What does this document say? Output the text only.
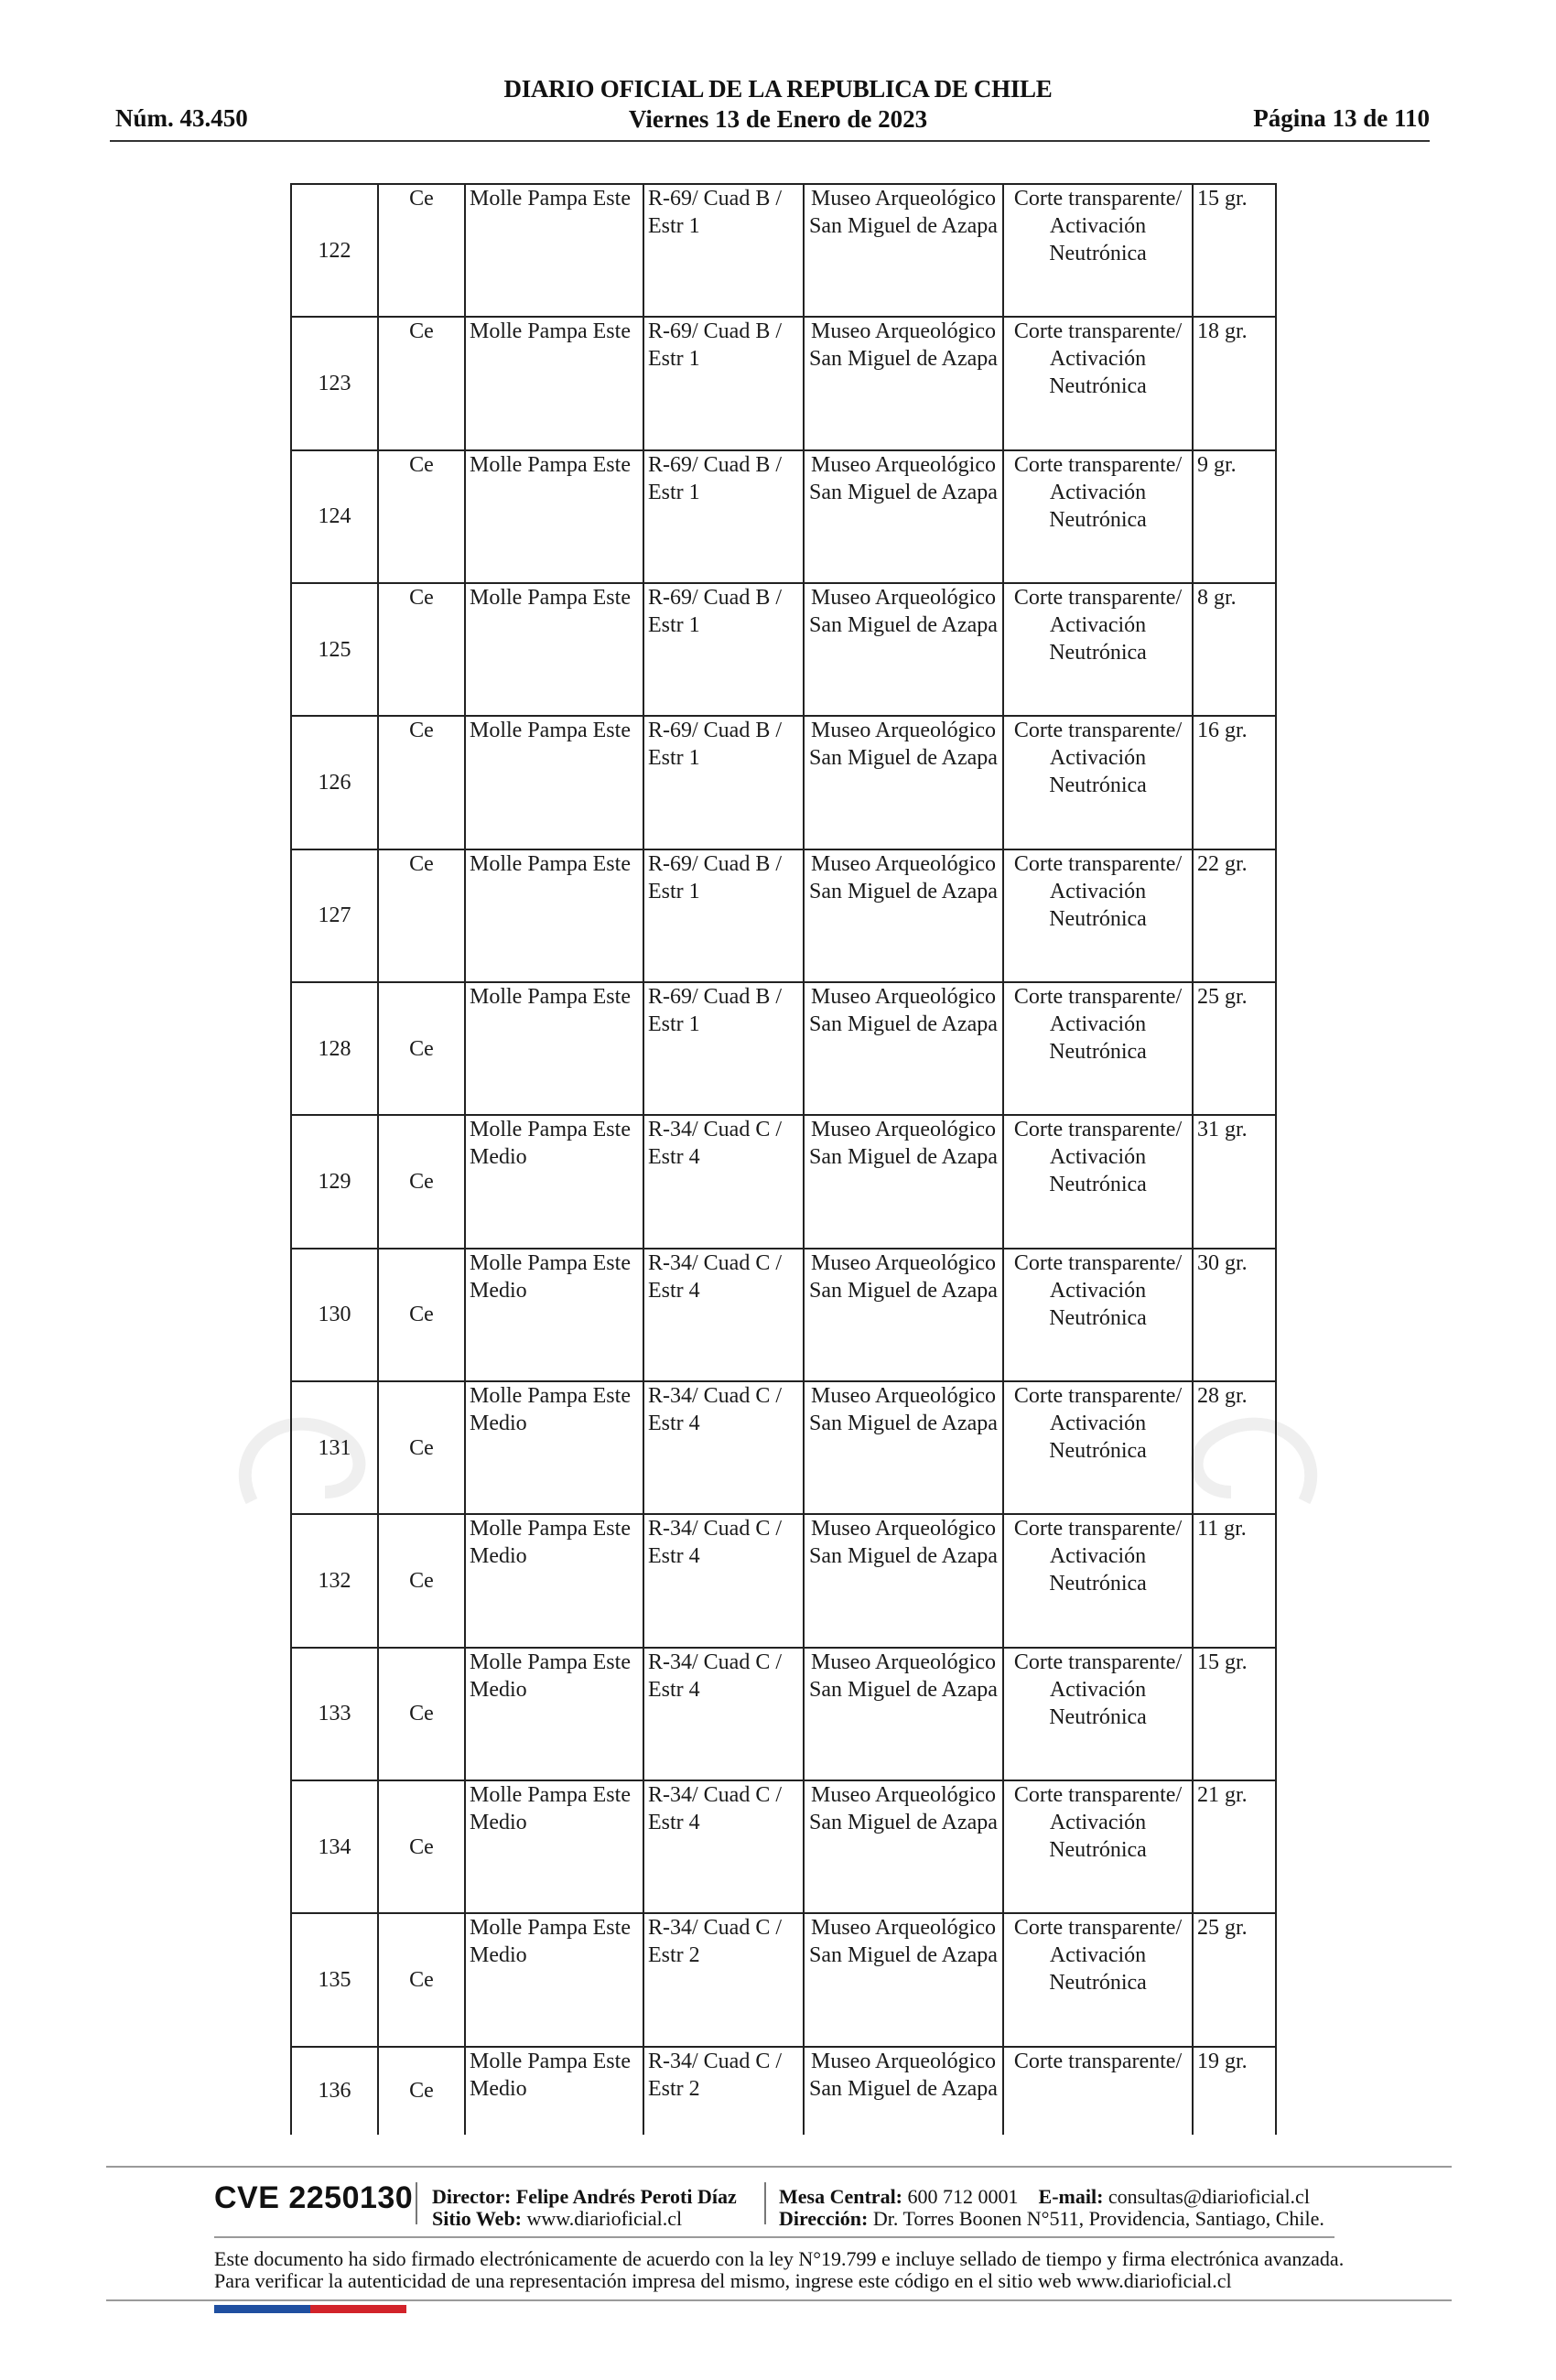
DIARIO OFICIAL DE LA REPUBLICA DE CHILE
Viernes 13 de Enero de 2023
Núm. 43.450	Página 13 de 110
122	Ce	Molle Pampa Este	R-69/ Cuad B / Estr 1	Museo Arqueológico San Miguel de Azapa	Corte transparente/ Activación Neutrónica	15 gr.
123	Ce	Molle Pampa Este	R-69/ Cuad B / Estr 1	Museo Arqueológico San Miguel de Azapa	Corte transparente/ Activación Neutrónica	18 gr.
124	Ce	Molle Pampa Este	R-69/ Cuad B / Estr 1	Museo Arqueológico San Miguel de Azapa	Corte transparente/ Activación Neutrónica	9 gr.
125	Ce	Molle Pampa Este	R-69/ Cuad B / Estr 1	Museo Arqueológico San Miguel de Azapa	Corte transparente/ Activación Neutrónica	8 gr.
126	Ce	Molle Pampa Este	R-69/ Cuad B / Estr 1	Museo Arqueológico San Miguel de Azapa	Corte transparente/ Activación Neutrónica	16 gr.
127	Ce	Molle Pampa Este	R-69/ Cuad B / Estr 1	Museo Arqueológico San Miguel de Azapa	Corte transparente/ Activación Neutrónica	22 gr.
128	Ce	Molle Pampa Este	R-69/ Cuad B / Estr 1	Museo Arqueológico San Miguel de Azapa	Corte transparente/ Activación Neutrónica	25 gr.
129	Ce	Molle Pampa Este Medio	R-34/ Cuad C / Estr 4	Museo Arqueológico San Miguel de Azapa	Corte transparente/ Activación Neutrónica	31 gr.
130	Ce	Molle Pampa Este Medio	R-34/ Cuad C / Estr 4	Museo Arqueológico San Miguel de Azapa	Corte transparente/ Activación Neutrónica	30 gr.
131	Ce	Molle Pampa Este Medio	R-34/ Cuad C / Estr 4	Museo Arqueológico San Miguel de Azapa	Corte transparente/ Activación Neutrónica	28 gr.
132	Ce	Molle Pampa Este Medio	R-34/ Cuad C / Estr 4	Museo Arqueológico San Miguel de Azapa	Corte transparente/ Activación Neutrónica	11 gr.
133	Ce	Molle Pampa Este Medio	R-34/ Cuad C / Estr 4	Museo Arqueológico San Miguel de Azapa	Corte transparente/ Activación Neutrónica	15 gr.
134	Ce	Molle Pampa Este Medio	R-34/ Cuad C / Estr 4	Museo Arqueológico San Miguel de Azapa	Corte transparente/ Activación Neutrónica	21 gr.
135	Ce	Molle Pampa Este Medio	R-34/ Cuad C / Estr 2	Museo Arqueológico San Miguel de Azapa	Corte transparente/ Activación Neutrónica	25 gr.
136	Ce	Molle Pampa Este Medio	R-34/ Cuad C / Estr 2	Museo Arqueológico San Miguel de Azapa	Corte transparente/	19 gr.
CVE 2250130 Director: Felipe Andrés Peroti Díaz
Sitio Web: www.diarioficial.cl
Mesa Central: 600 712 0001 E-mail: consultas@diarioficial.cl
Dirección: Dr. Torres Boonen N°511, Providencia, Santiago, Chile.
Este documento ha sido firmado electrónicamente de acuerdo con la ley N°19.799 e incluye sellado de tiempo y firma electrónica avanzada. Para verificar la autenticidad de una representación impresa del mismo, ingrese este código en el sitio web www.diarioficial.cl
